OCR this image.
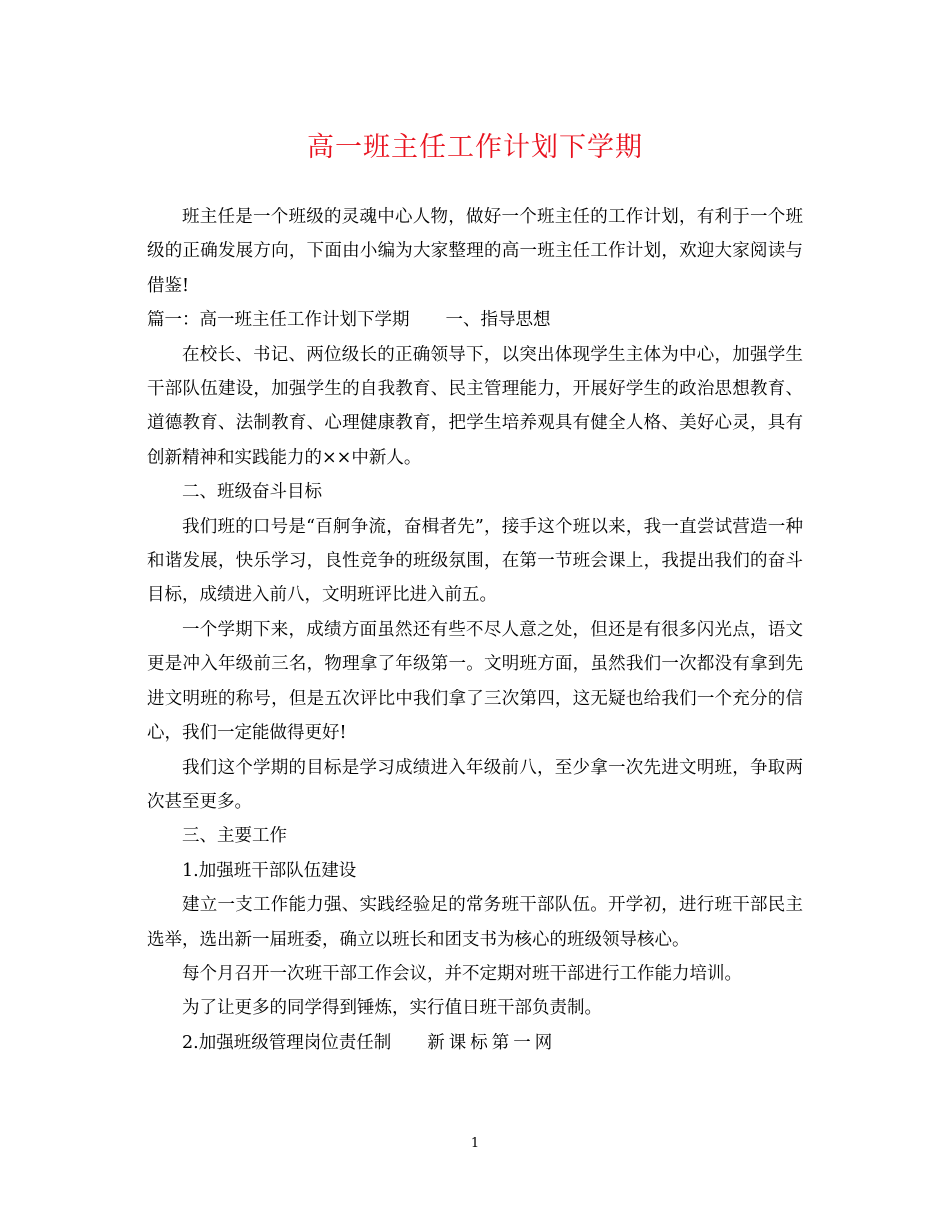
高一班主任工作计划下学期

班主任是一个班级的灵魂中心人物，做好一个班主任的工作计划，有利于一个班级的正确发展方向，下面由小编为大家整理的高一班主任工作计划，欢迎大家阅读与借鉴!

篇一：高一班主任工作计划下学期 一、指导思想

在校长、书记、两位级长的正确领导下，以突出体现学生主体为中心，加强学生干部队伍建设，加强学生的自我教育、民主管理能力，开展好学生的政治思想教育、道德教育、法制教育、心理健康教育，把学生培养观具有健全人格、美好心灵，具有创新精神和实践能力的××中新人。

二、班级奋斗目标

我们班的口号是“百舸争流，奋楫者先”，接手这个班以来，我一直尝试营造一种和谐发展，快乐学习，良性竞争的班级氛围，在第一节班会课上，我提出我们的奋斗目标，成绩进入前八，文明班评比进入前五。

一个学期下来，成绩方面虽然还有些不尽人意之处，但还是有很多闪光点，语文更是冲入年级前三名，物理拿了年级第一。文明班方面，虽然我们一次都没有拿到先进文明班的称号，但是五次评比中我们拿了三次第四，这无疑也给我们一个充分的信心，我们一定能做得更好!

我们这个学期的目标是学习成绩进入年级前八，至少拿一次先进文明班，争取两次甚至更多。

三、主要工作

1.加强班干部队伍建设

建立一支工作能力强、实践经验足的常务班干部队伍。开学初，进行班干部民主选举，选出新一届班委，确立以班长和团支书为核心的班级领导核心。

每个月召开一次班干部工作会议，并不定期对班干部进行工作能力培训。

为了让更多的同学得到锤炼，实行值日班干部负责制。

2.加强班级管理岗位责任制 新课标第一网

1
